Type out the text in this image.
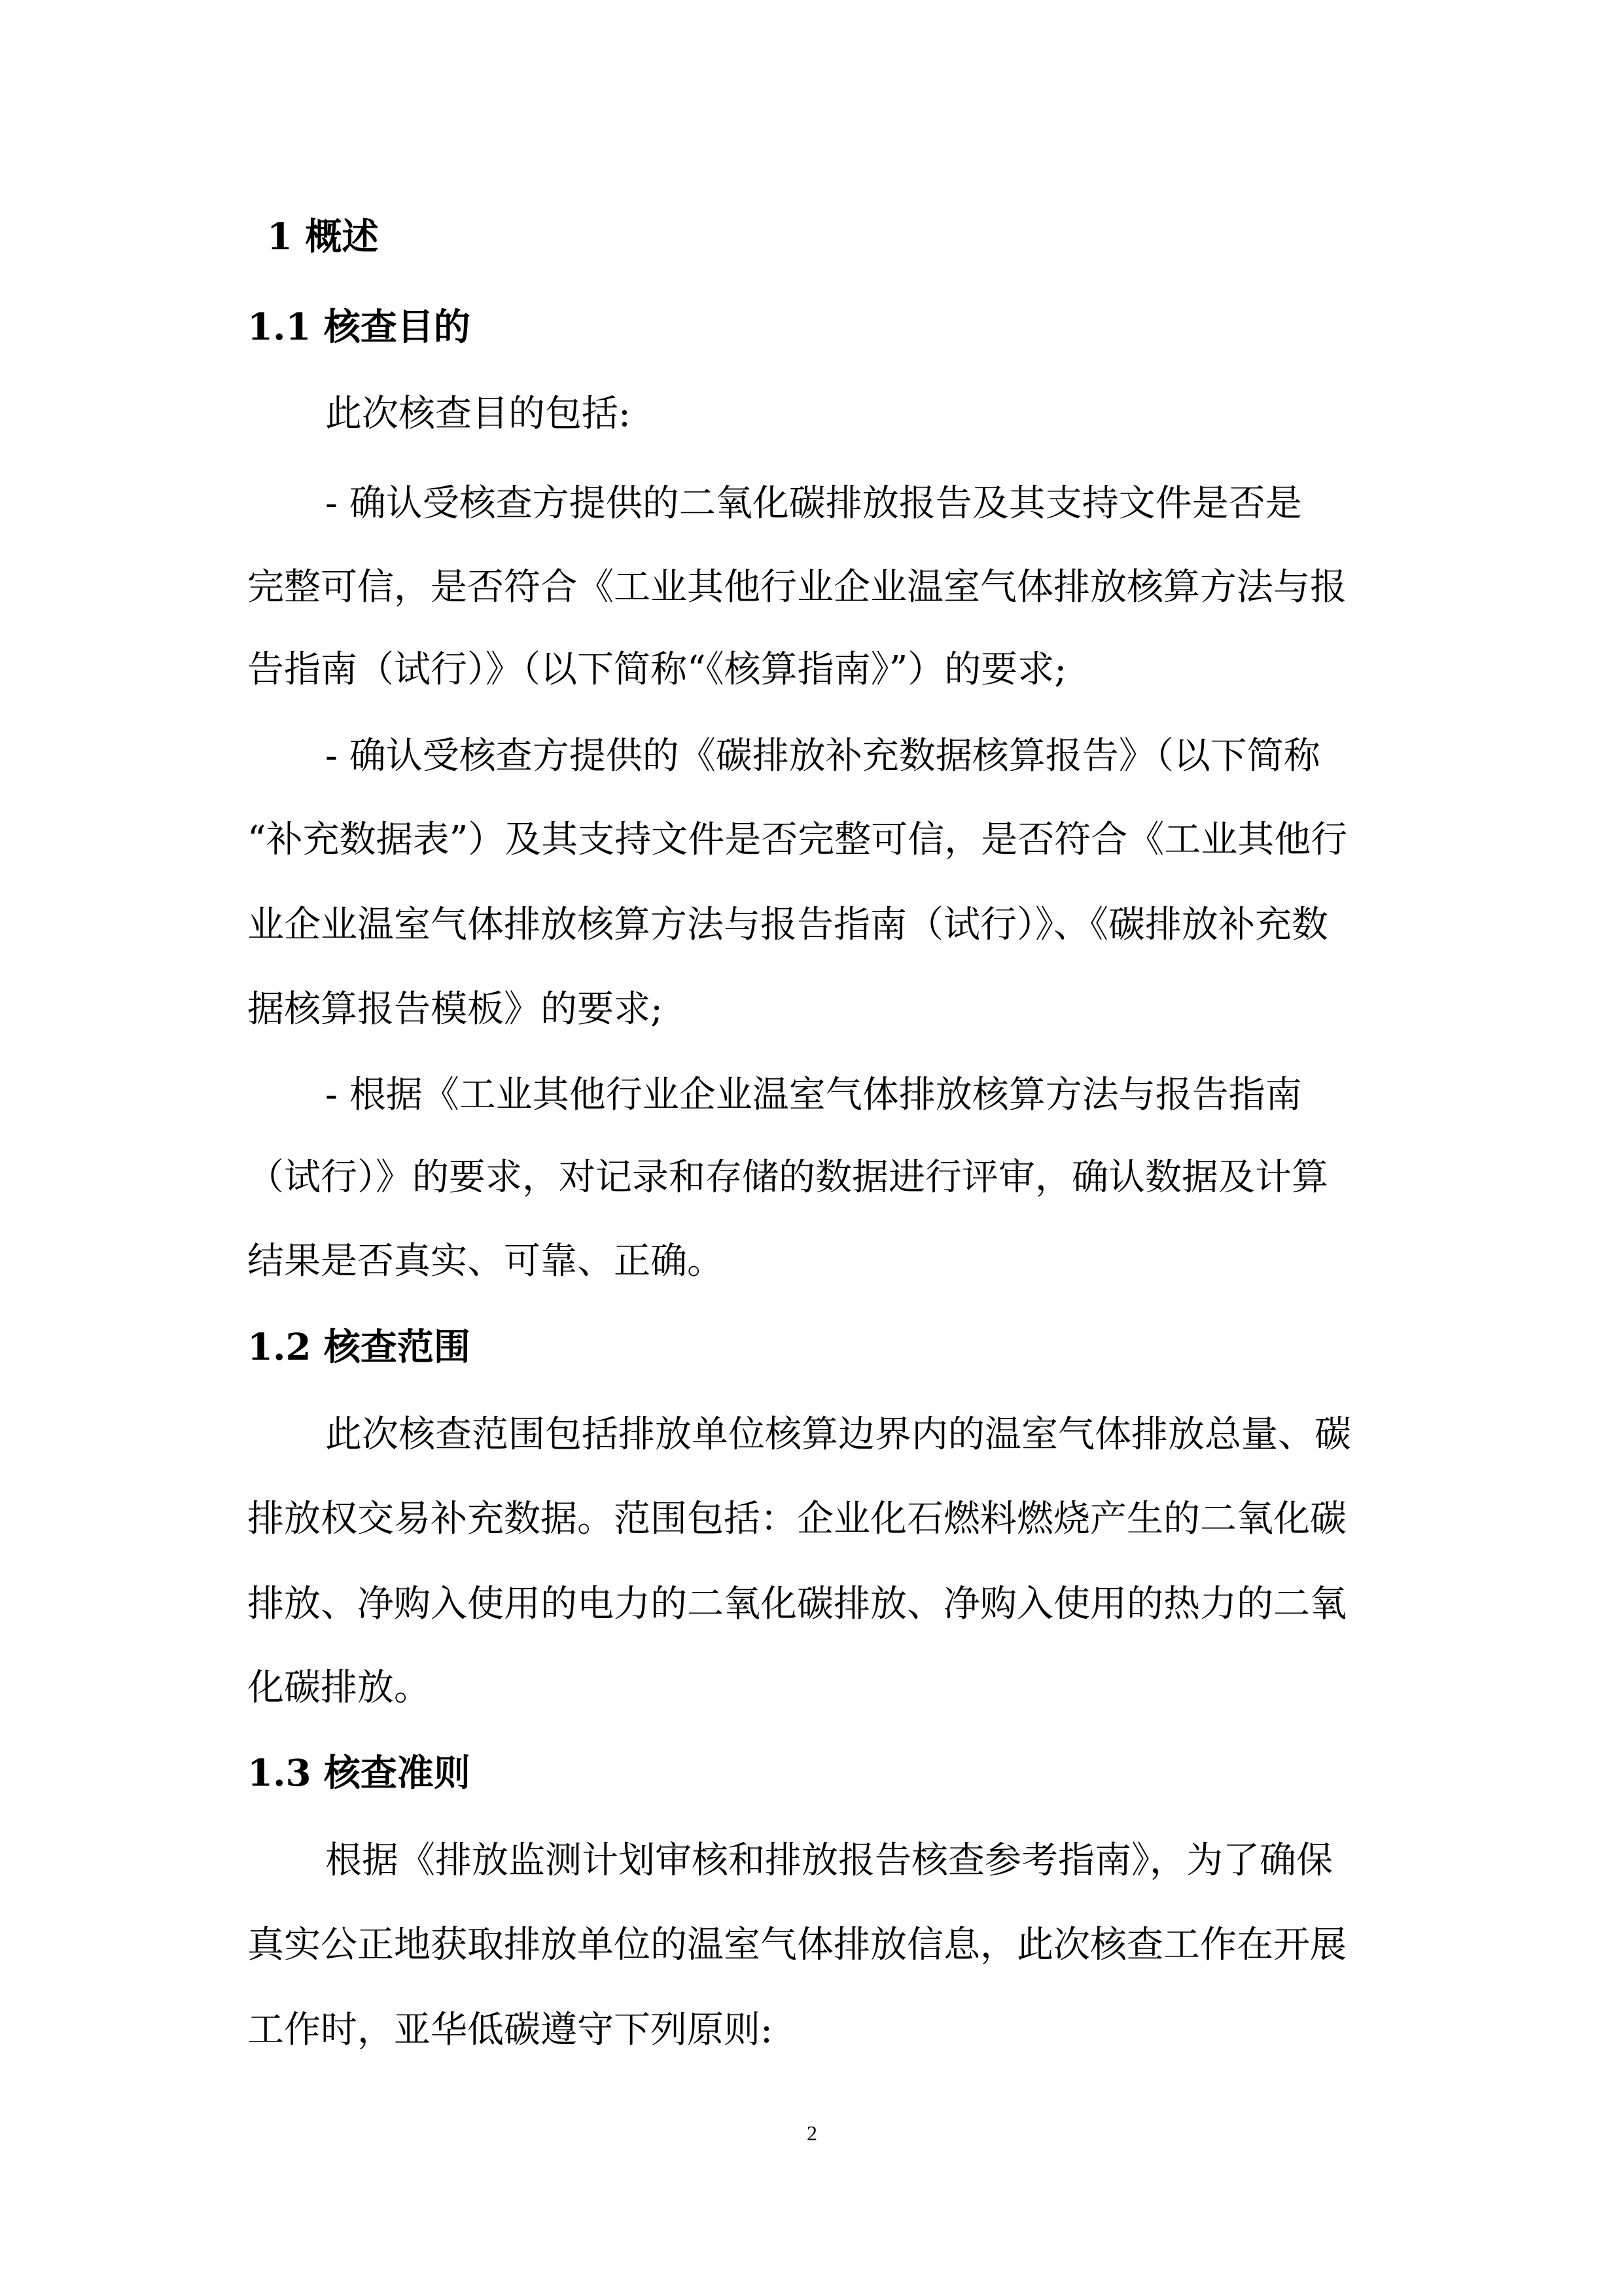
1 概述
1.1 核查目的
此次核查目的包括:
- 确认受核查方提供的二氧化碳排放报告及其支持文件是否是
完整可信，是否符合《工业其他行业企业温室气体排放核算方法与报
告指南（试行）》（以下简称“《核算指南》”）的要求;
- 确认受核查方提供的《碳排放补充数据核算报告》（以下简称
“补充数据表”）及其支持文件是否完整可信，是否符合《工业其他行
业企业温室气体排放核算方法与报告指南（试行）》、《碳排放补充数
据核算报告模板》的要求;
- 根据《工业其他行业企业温室气体排放核算方法与报告指南
（试行）》的要求，对记录和存储的数据进行评审，确认数据及计算
结果是否真实、可靠、正确。
1.2 核查范围
此次核查范围包括排放单位核算边界内的温室气体排放总量、碳
排放权交易补充数据。范围包括：企业化石燃料燃烧产生的二氧化碳
排放、净购入使用的电力的二氧化碳排放、净购入使用的热力的二氧
化碳排放。
1.3 核查准则
根据《排放监测计划审核和排放报告核查参考指南》，为了确保
真实公正地获取排放单位的温室气体排放信息，此次核查工作在开展
工作时，亚华低碳遵守下列原则:
2
